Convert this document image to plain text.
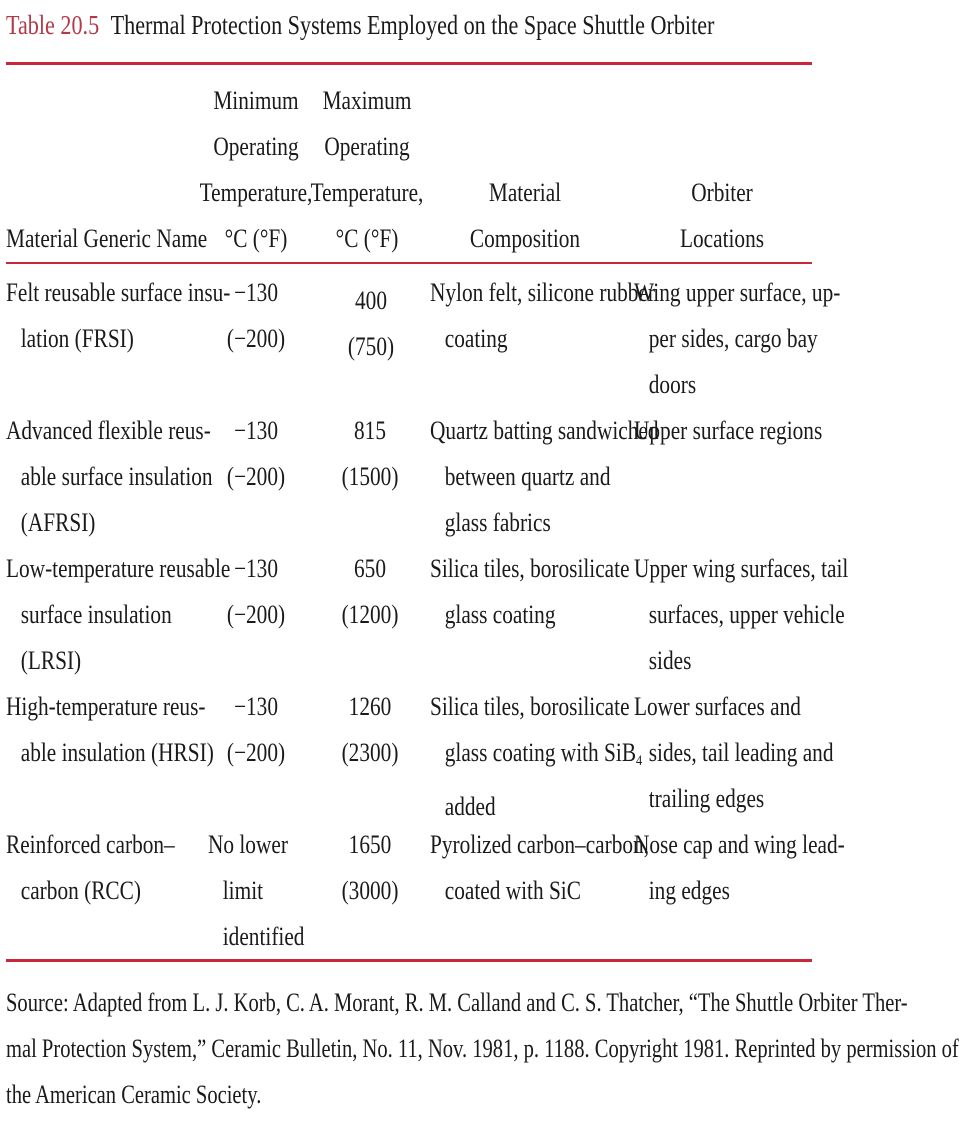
Table 20.5 Thermal Protection Systems Employed on the Space Shuttle Orbiter
Material Generic Name
Minimum
Operating
Temperature,
°C (°F)
Maximum
Operating
Temperature,
°C (°F)
Material
Composition
Orbiter
Locations
Felt reusable surface insu-
lation (FRSI)
−130
(−200)
400
(750)
Nylon felt, silicone rubber
coating
Wing upper surface, up-
per sides, cargo bay
doors
Advanced flexible reus-
able surface insulation
(AFRSI)
−130
(−200)
815
(1500)
Quartz batting sandwiched
between quartz and
glass fabrics
Upper surface regions
Low-temperature reusable
surface insulation
(LRSI)
−130
(−200)
650
(1200)
Silica tiles, borosilicate
glass coating
Upper wing surfaces, tail
surfaces, upper vehicle
sides
High-temperature reus-
able insulation (HRSI)
−130
(−200)
1260
(2300)
Silica tiles, borosilicate
glass coating with SiB$_4$
added
Lower surfaces and
sides, tail leading and
trailing edges
Reinforced carbon–
carbon (RCC)
No lower
limit
identified
1650
(3000)
Pyrolized carbon–carbon,
coated with SiC
Nose cap and wing lead-
ing edges
Source: Adapted from L. J. Korb, C. A. Morant, R. M. Calland and C. S. Thatcher, “The Shuttle Orbiter Ther-
mal Protection System,” Ceramic Bulletin, No. 11, Nov. 1981, p. 1188. Copyright 1981. Reprinted by permission of
the American Ceramic Society.
